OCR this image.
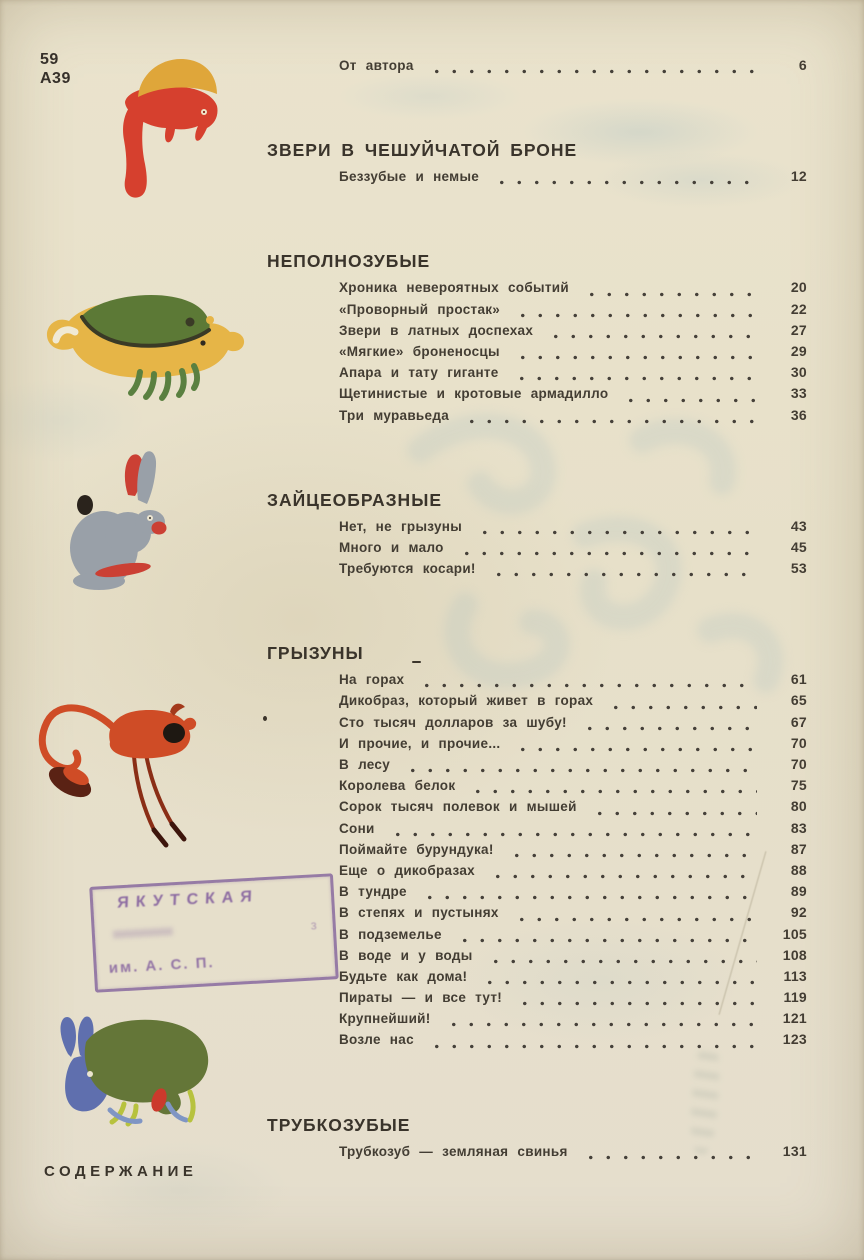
59
А39
ЯКУТСКАЯ
з
им. А. С. П.
От автора	6
ЗВЕРИ В ЧЕШУЙЧАТОЙ БРОНЕ
Беззубые и немые	12
НЕПОЛНОЗУБЫЕ
Хроника невероятных событий	20
«Проворный простак»	22
Звери в латных доспехах	27
«Мягкие» броненосцы	29
Апара и тату гиганте	30
Щетинистые и кротовые армадилло	33
Три муравьеда	36
ЗАЙЦЕОБРАЗНЫЕ
Нет, не грызуны	43
Много и мало	45
Требуются косари!	53
ГРЫЗУНЫ
На горах	61
Дикобраз, который живет в горах	65
Сто тысяч долларов за шубу!	67
И прочие, и прочие...	70
В лесу	70
Королева белок	75
Сорок тысяч полевок и мышей	80
Сони	83
Поймайте бурундука!	87
Еще о дикобразах	88
В тундре	89
В степях и пустынях	92
В подземелье	105
В воде и у воды	108
Будьте как дома!	113
Пираты — и все тут!	119
Крупнейший!	121
Возле нас	123
ТРУБКОЗУБЫЕ
Трубкозуб — земляная свинья	131
СОДЕРЖАНИЕ
